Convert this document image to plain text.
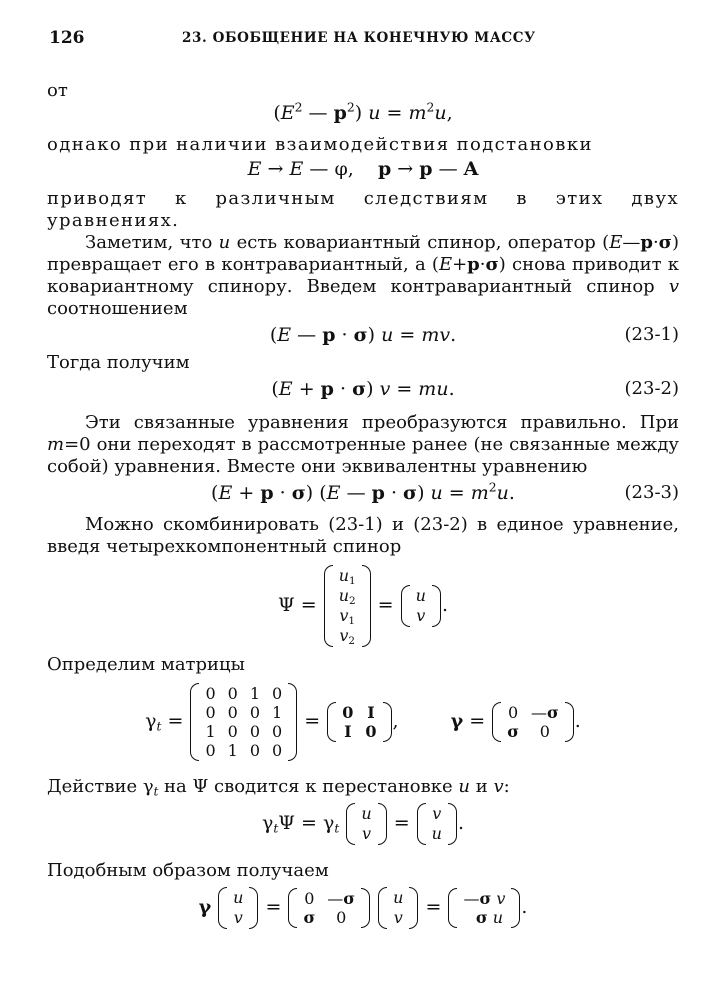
126	23. ОБОБЩЕНИЕ НА КОНЕЧНУЮ МАССУ

от

($E^2$ — $p^2$) $u = m^2u$,

однако при наличии взаимодействия подстановки

E → E — φ,    p → p — A

приводят к различным следствиям в этих двух уравнениях.

Заметим, что u есть ковариантный спинор, оператор (E—p·σ) превращает его в контравариантный, а (E+p·σ) снова приводит к ковариантному спинору. Введем контравариантный спинор v соотношением

(E — p · σ) u = mv.	(23-1)

Тогда получим

(E + p · σ) v = mu.	(23-2)

Эти связанные уравнения преобразуются правильно. При m=0 они переходят в рассмотренные ранее (не связанные между собой) уравнения. Вместе они эквивалентны уравнению

(E + p · σ) (E — p · σ) $u = m^2u$.	(23-3)

Можно скомбинировать (23-1) и (23-2) в единое уравнение, введя четырехкомпонентный спинор

Ψ =
$u_1$
$u_2$
$v_1$
$v_2$
= u
v .

Определим матрицы

$\gamma_t$ =
0	0	1	0
0	0	0	1
1	0	0	0
0	1	0	0
= 0	I
I	0 ,  γ = 0	—σ
σ	0 .

Действие $\gamma_t$ на Ψ сводится к перестановке u и v:

$\gamma_t\Psi = \gamma_t$
u
v = v
u .

Подобным образом получаем

γ u
v = 0	—σ
σ	0

u
v = —σ v
σ u .
